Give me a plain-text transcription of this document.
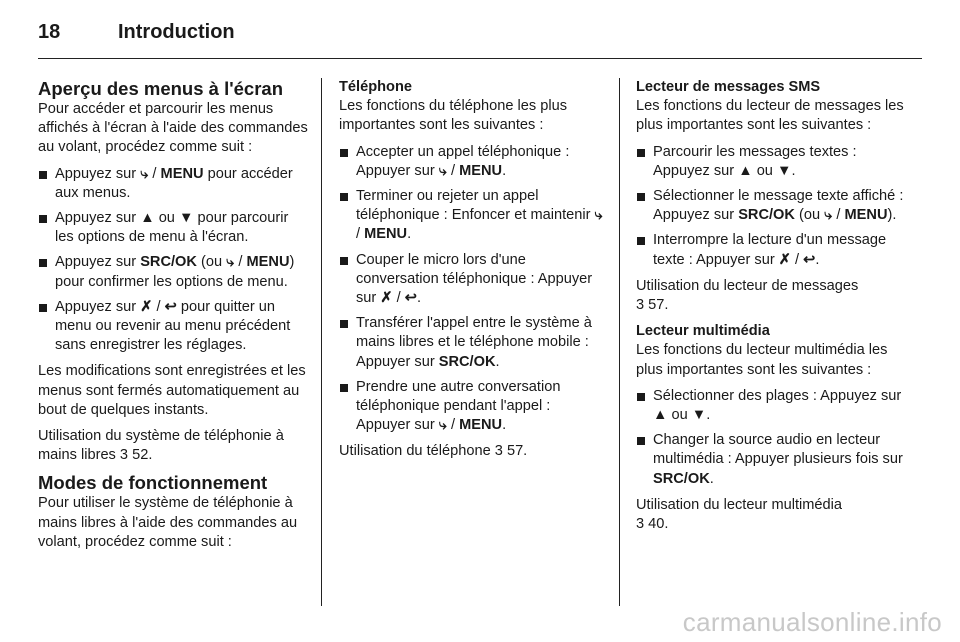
18	Introduction
Aperçu des menus à l'écran

Pour accéder et parcourir les menus affichés à l'écran à l'aide des commandes au volant, procédez comme suit :

Appuyez sur ⤷ / MENU pour accéder aux menus.
Appuyez sur ▲ ou ▼ pour parcourir les options de menu à l'écran.
Appuyez sur SRC/OK (ou ⤷ / MENU) pour confirmer les options de menu.
Appuyez sur ✗ / ↩ pour quitter un menu ou revenir au menu précédent sans enregistrer les réglages.

Les modifications sont enregistrées et les menus sont fermés automatiquement au bout de quelques instants.

Utilisation du système de téléphonie à mains libres 3 52.

Modes de fonctionnement

Pour utiliser le système de téléphonie à mains libres à l'aide des commandes au volant, procédez comme suit :

Téléphone

Les fonctions du téléphone les plus importantes sont les suivantes :

Accepter un appel téléphonique : Appuyer sur ⤷ / MENU.
Terminer ou rejeter un appel téléphonique : Enfoncer et maintenir ⤷ / MENU.
Couper le micro lors d'une conversation téléphonique : Appuyer sur ✗ / ↩.
Transférer l'appel entre le système à mains libres et le téléphone mobile : Appuyer sur SRC/OK.
Prendre une autre conversation téléphonique pendant l'appel : Appuyer sur ⤷ / MENU.

Utilisation du téléphone 3 57.

Lecteur de messages SMS

Les fonctions du lecteur de messages les plus importantes sont les suivantes :

Parcourir les messages textes : Appuyez sur ▲ ou ▼.
Sélectionner le message texte affiché : Appuyez sur SRC/OK (ou ⤷ / MENU).
Interrompre la lecture d'un message texte : Appuyer sur ✗ / ↩.

Utilisation du lecteur de messages

3 57.

Lecteur multimédia

Les fonctions du lecteur multimédia les plus importantes sont les suivantes :

Sélectionner des plages : Appuyez sur ▲ ou ▼.
Changer la source audio en lecteur multimédia : Appuyer plusieurs fois sur SRC/OK.

Utilisation du lecteur multimédia

3 40.

carmanualsonline.info
